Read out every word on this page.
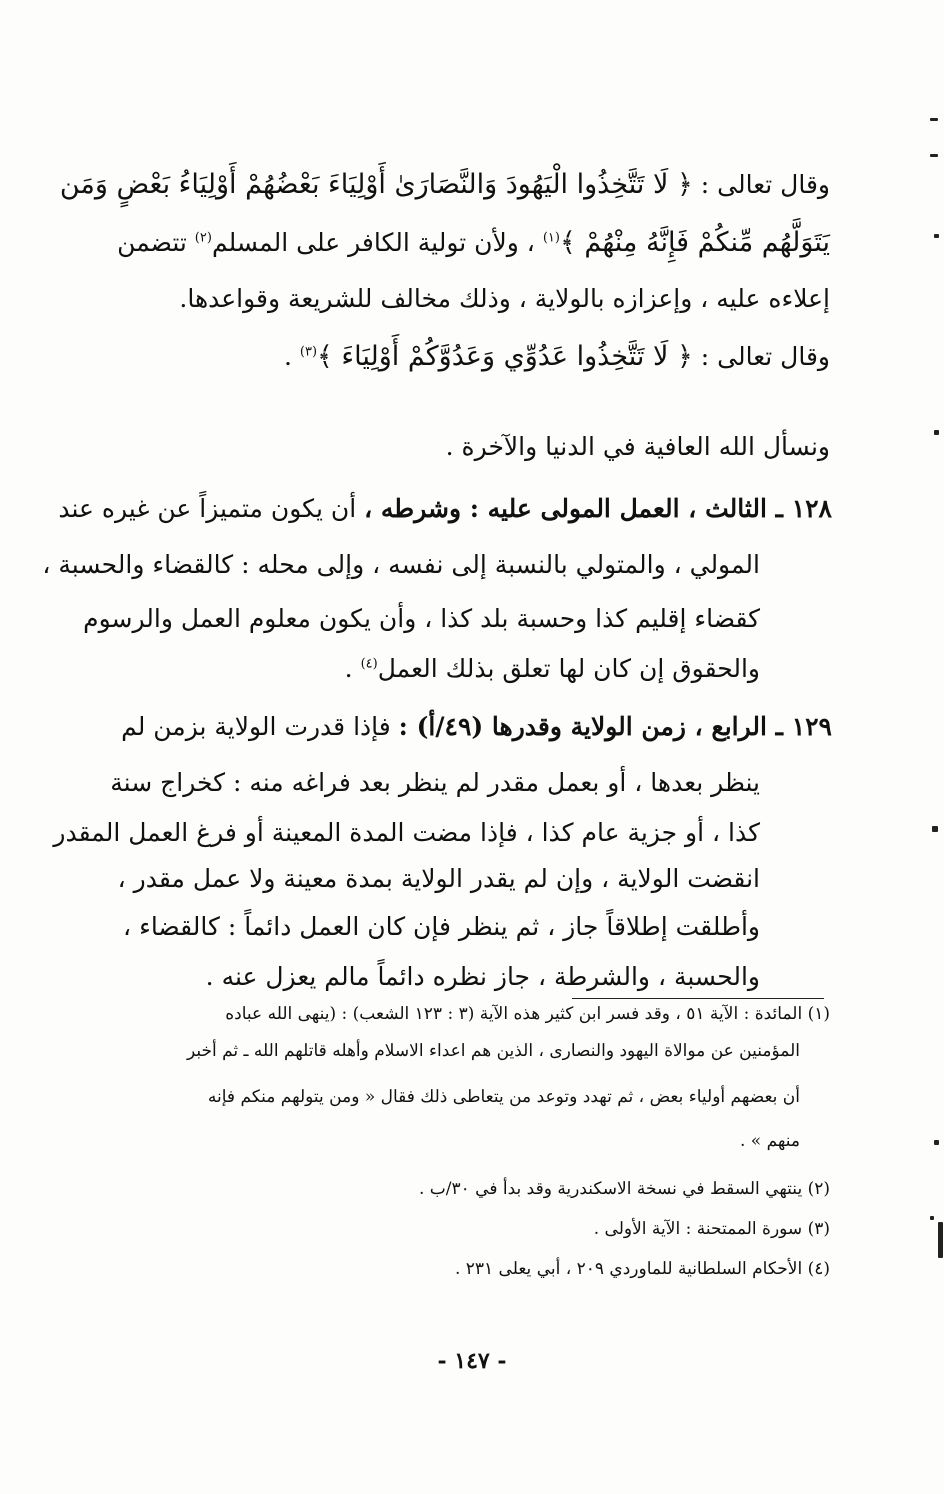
وقال تعالى : ﴿ لَا تَتَّخِذُوا الْيَهُودَ وَالنَّصَارَىٰ أَوْلِيَاءَ بَعْضُهُمْ أَوْلِيَاءُ بَعْضٍ وَمَن
يَتَوَلَّهُم مِّنكُمْ فَإِنَّهُ مِنْهُمْ ﴾$^{(١)}$ ، ولأن تولية الكافر على المسلم$^{(٢)}$ تتضمن
إعلاءه عليه ، وإعزازه بالولاية ، وذلك مخالف للشريعة وقواعدها.
وقال تعالى : ﴿ لَا تَتَّخِذُوا عَدُوِّي وَعَدُوَّكُمْ أَوْلِيَاءَ ﴾$^{(٣)}$ .
ونسأل الله العافية في الدنيا والآخرة .
١٢٨ ـ الثالث ، العمل المولى عليه : وشرطه ، أن يكون متميزاً عن غيره عند
المولي ، والمتولي بالنسبة إلى نفسه ، وإلى محله : كالقضاء والحسبة ،
كقضاء إقليم كذا وحسبة بلد كذا ، وأن يكون معلوم العمل والرسوم
والحقوق إن كان لها تعلق بذلك العمل$^{(٤)}$ .
١٢٩ ـ الرابع ، زمن الولاية وقدرها (٤٩/أ) : فإذا قدرت الولاية بزمن لم
ينظر بعدها ، أو بعمل مقدر لم ينظر بعد فراغه منه : كخراج سنة
كذا ، أو جزية عام كذا ، فإذا مضت المدة المعينة أو فرغ العمل المقدر
انقضت الولاية ، وإن لم يقدر الولاية بمدة معينة ولا عمل مقدر ،
وأطلقت إطلاقاً جاز ، ثم ينظر فإن كان العمل دائماً : كالقضاء ،
والحسبة ، والشرطة ، جاز نظره دائماً مالم يعزل عنه .
(١) المائدة : الآية ٥١ ، وقد فسر ابن كثير هذه الآية (٣ : ١٢٣ الشعب) : (ينهى الله عباده
المؤمنين عن موالاة اليهود والنصارى ، الذين هم اعداء الاسلام وأهله قاتلهم الله ـ ثم أخبر
أن بعضهم أولياء بعض ، ثم تهدد وتوعد من يتعاطى ذلك فقال « ومن يتولهم منكم فإنه
منهم » .
(٢) ينتهي السقط في نسخة الاسكندرية وقد بدأ في ٣٠/ب .
(٣) سورة الممتحنة : الآية الأولى .
(٤) الأحكام السلطانية للماوردي ٢٠٩ ، أبي يعلى ٢٣١ .
- ١٤٧ -
